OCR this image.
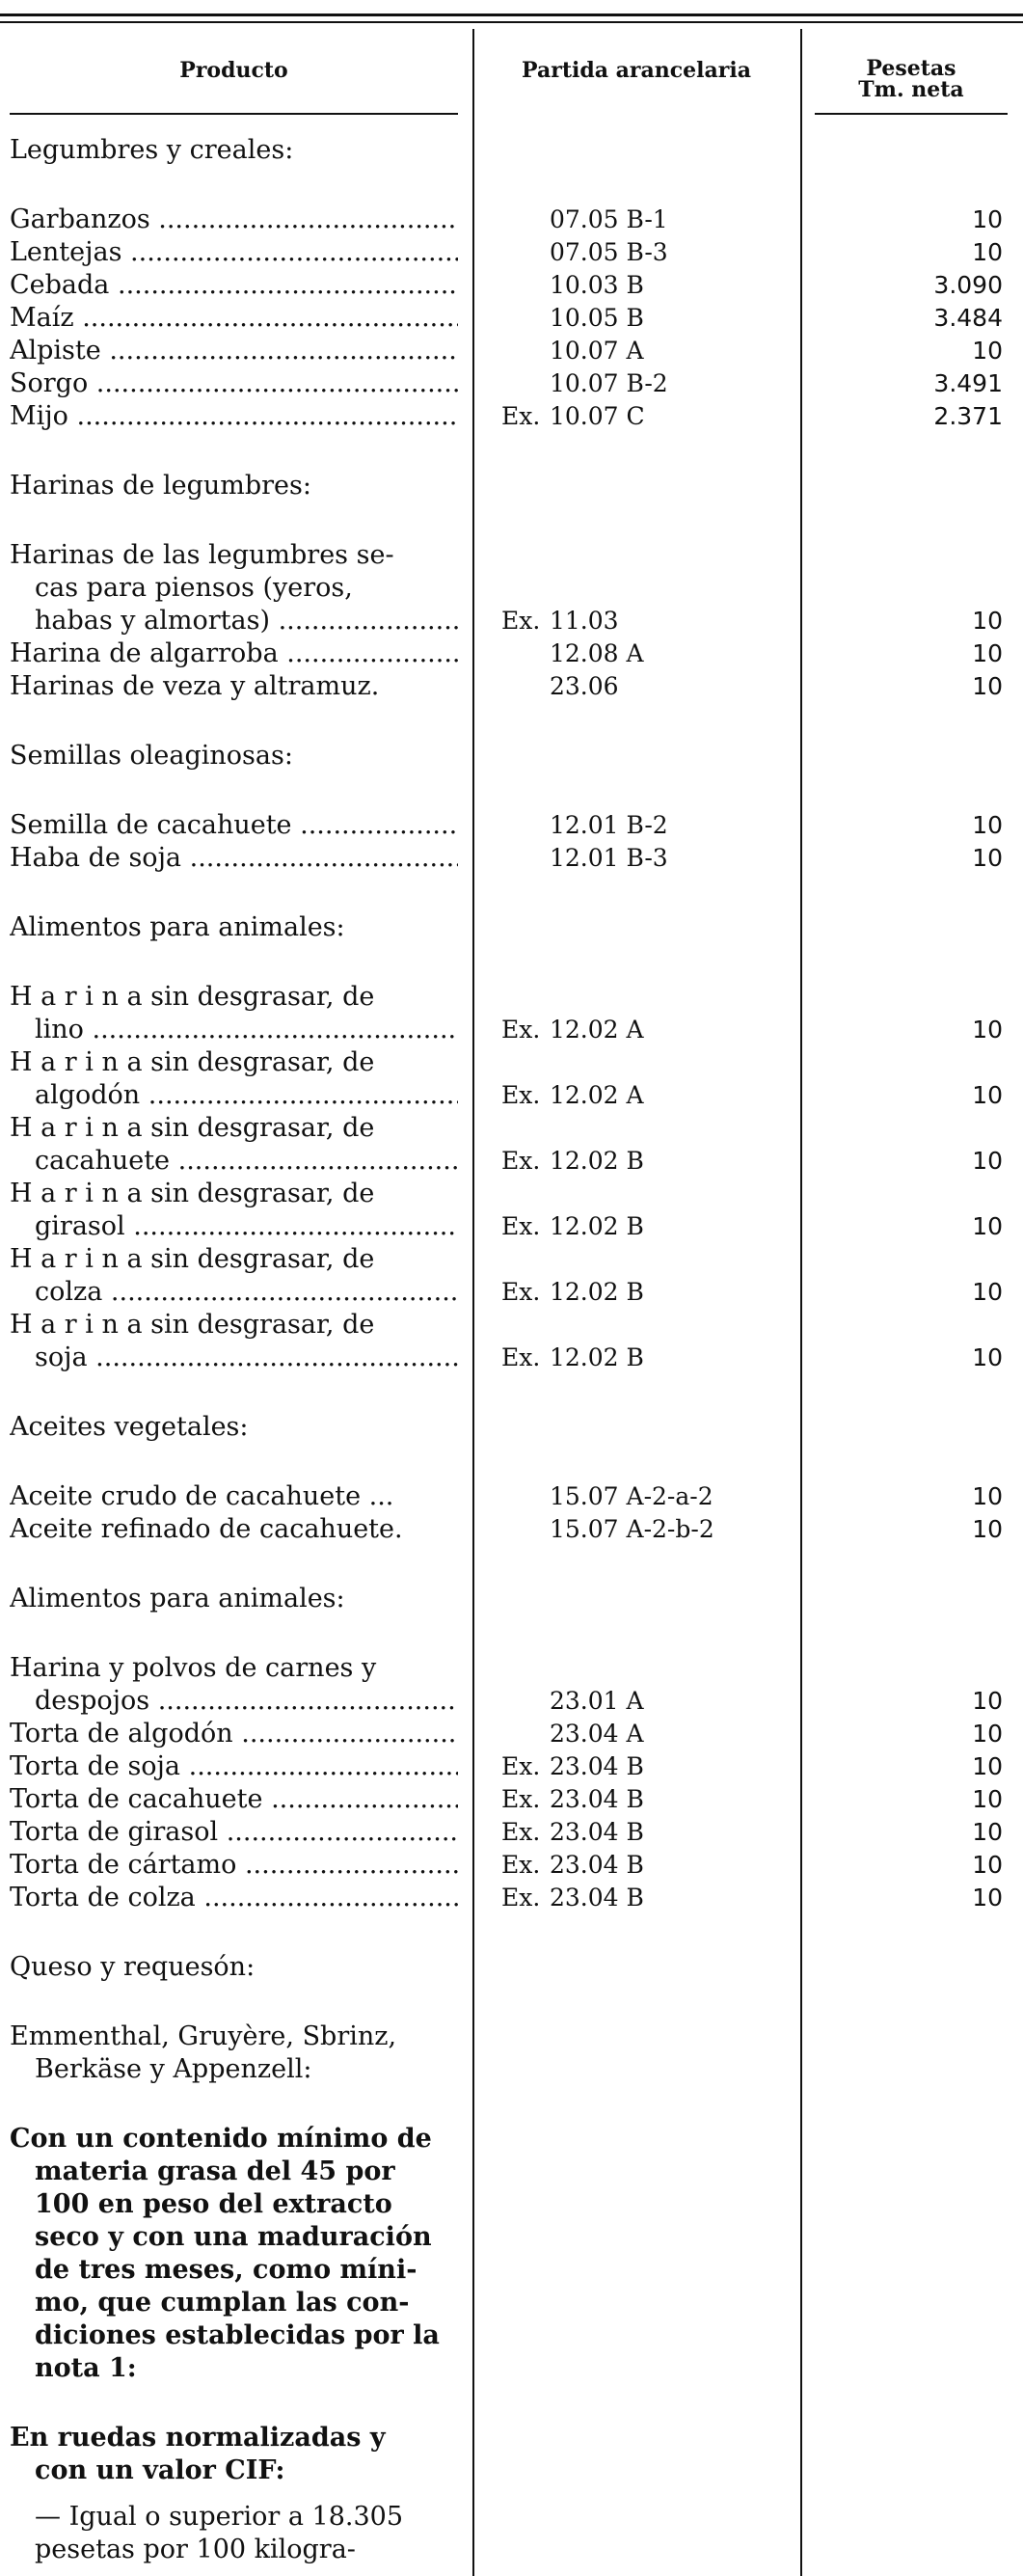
Producto	Partida arancelaria	Pesetas
Tm. neta
Legumbres y creales:
Garbanzos .....	07.05 B-1	10
Lentejas .....	07.05 B-3	10
Cebada .....	10.03 B	3.090
Maíz .....	10.05 B	3.484
Alpiste .....	10.07 A	10
Sorgo .....	10.07 B-2	3.491
Mijo .....	Ex. 10.07 C	2.371
Harinas de legumbres:
Harinas de las legumbres se-
cas para piensos (yeros,
habas y almortas) .....	Ex. 11.03	10
Harina de algarroba .....	12.08 A	10
Harinas de veza y altramuz.	23.06	10
Semillas oleaginosas:
Semilla de cacahuete .....	12.01 B-2	10
Haba de soja .....	12.01 B-3	10
Alimentos para animales:
H a r i n a sin desgrasar, de
lino .....	Ex. 12.02 A	10
H a r i n a sin desgrasar, de
algodón .....	Ex. 12.02 A	10
H a r i n a sin desgrasar, de
cacahuete .....	Ex. 12.02 B	10
H a r i n a sin desgrasar, de
girasol .....	Ex. 12.02 B	10
H a r i n a sin desgrasar, de
colza .....	Ex. 12.02 B	10
H a r i n a sin desgrasar, de
soja .....	Ex. 12.02 B	10
Aceites vegetales:
Aceite crudo de cacahuete ...	15.07 A-2-a-2	10
Aceite refinado de cacahuete.	15.07 A-2-b-2	10
Alimentos para animales:
Harina y polvos de carnes y
despojos .....	23.01 A	10
Torta de algodón .....	23.04 A	10
Torta de soja .....	Ex. 23.04 B	10
Torta de cacahuete .....	Ex. 23.04 B	10
Torta de girasol .....	Ex. 23.04 B	10
Torta de cártamo .....	Ex. 23.04 B	10
Torta de colza .....	Ex. 23.04 B	10
Queso y requesón:
Emmenthal, Gruyère, Sbrinz,
Berkäse y Appenzell:
Con un contenido mínimo de
materia grasa del 45 por
100 en peso del extracto
seco y con una maduración
de tres meses, como míni-
mo, que cumplan las con-
diciones establecidas por la
nota 1:
En ruedas normalizadas y
con un valor CIF:
— Igual o superior a 18.305
pesetas por 100 kilogra-
